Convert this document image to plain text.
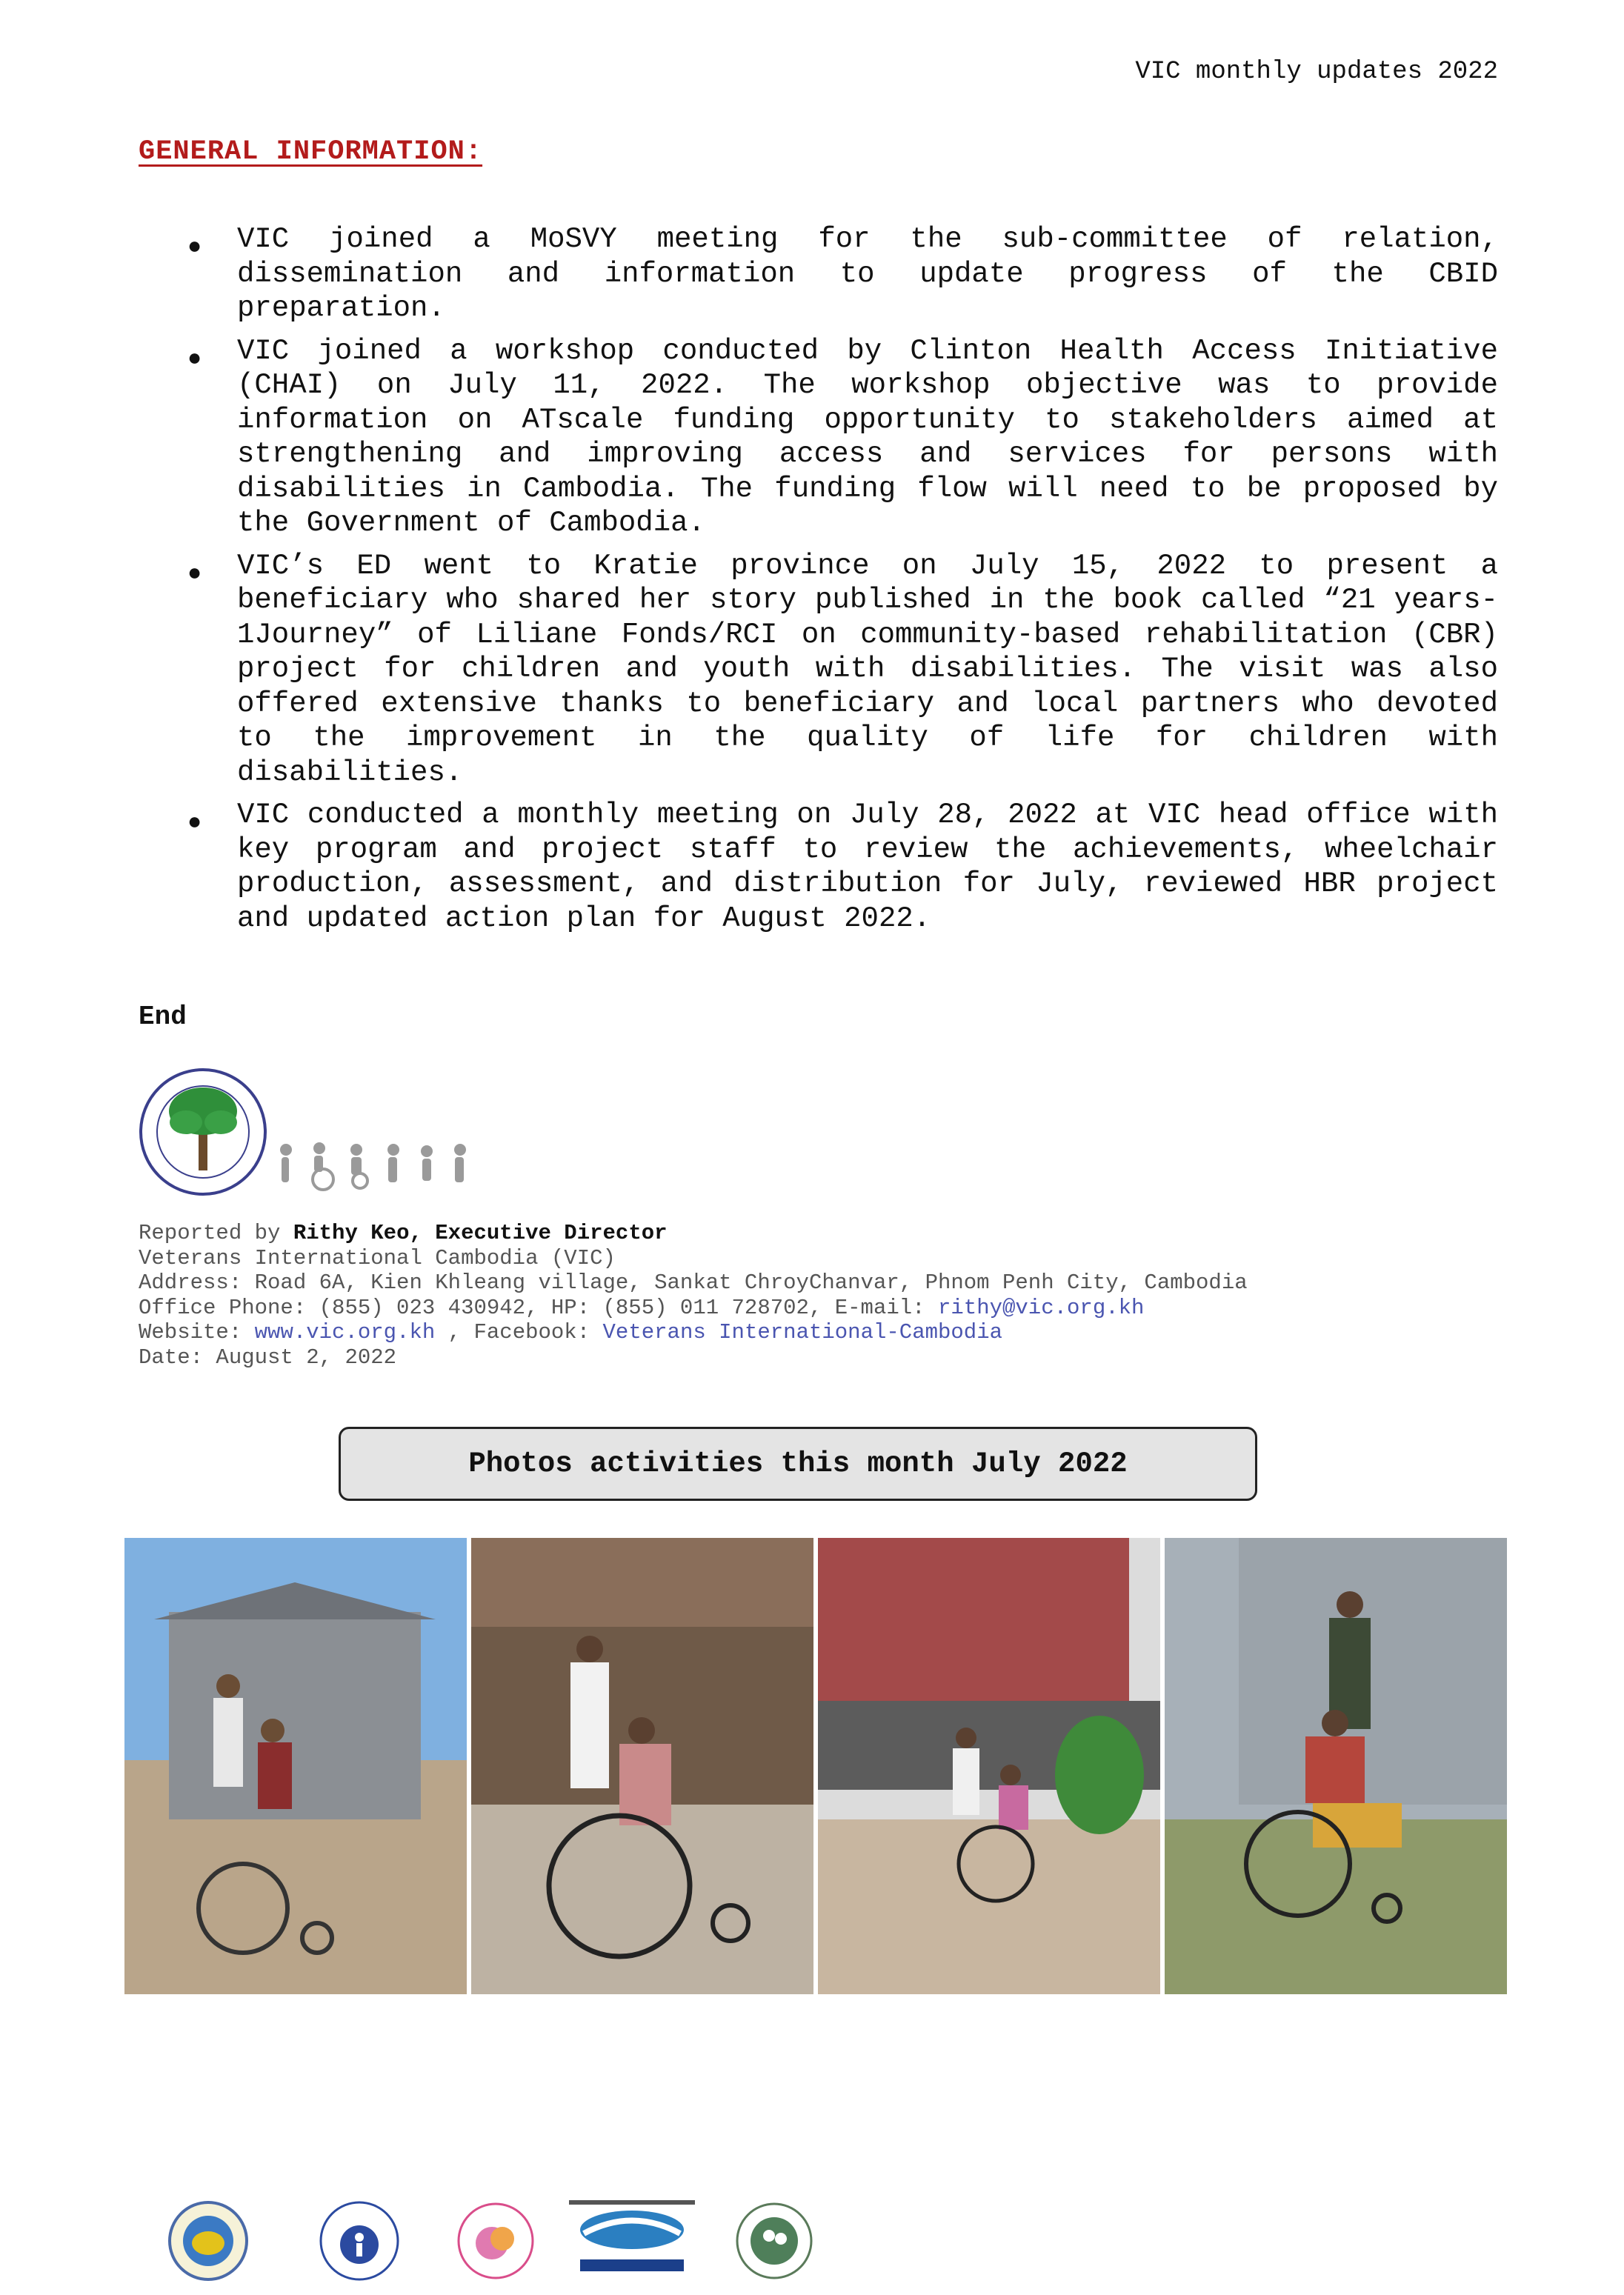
VIC monthly updates 2022
GENERAL INFORMATION:
● VIC joined a MoSVY meeting for the sub-committee of relation, dissemination and information to update progress of the CBID preparation.
● VIC joined a workshop conducted by Clinton Health Access Initiative (CHAI) on July 11, 2022. The workshop objective was to provide information on ATscale funding opportunity to stakeholders aimed at strengthening and improving access and services for persons with disabilities in Cambodia. The funding flow will need to be proposed by the Government of Cambodia.
● VIC’s ED went to Kratie province on July 15, 2022 to present a beneficiary who shared her story published in the book called “21 years-1Journey” of Liliane Fonds/RCI on community-based rehabilitation (CBR) project for children and youth with disabilities. The visit was also offered extensive thanks to beneficiary and local partners who devoted to the improvement in the quality of life for children with disabilities.
● VIC conducted a monthly meeting on July 28, 2022 at VIC head office with key program and project staff to review the achievements, wheelchair production, assessment, and distribution for July, reviewed HBR project and updated action plan for August 2022.
End
Reported by Rithy Keo, Executive Director
Veterans International Cambodia (VIC)
Address: Road 6A, Kien Khleang village, Sankat ChroyChanvar, Phnom Penh City, Cambodia
Office Phone: (855) 023 430942, HP: (855) 011 728702, E-mail: rithy@vic.org.kh
Website: www.vic.org.kh , Facebook: Veterans International-Cambodia
Date: August 2, 2022
Photos activities this month July 2022
